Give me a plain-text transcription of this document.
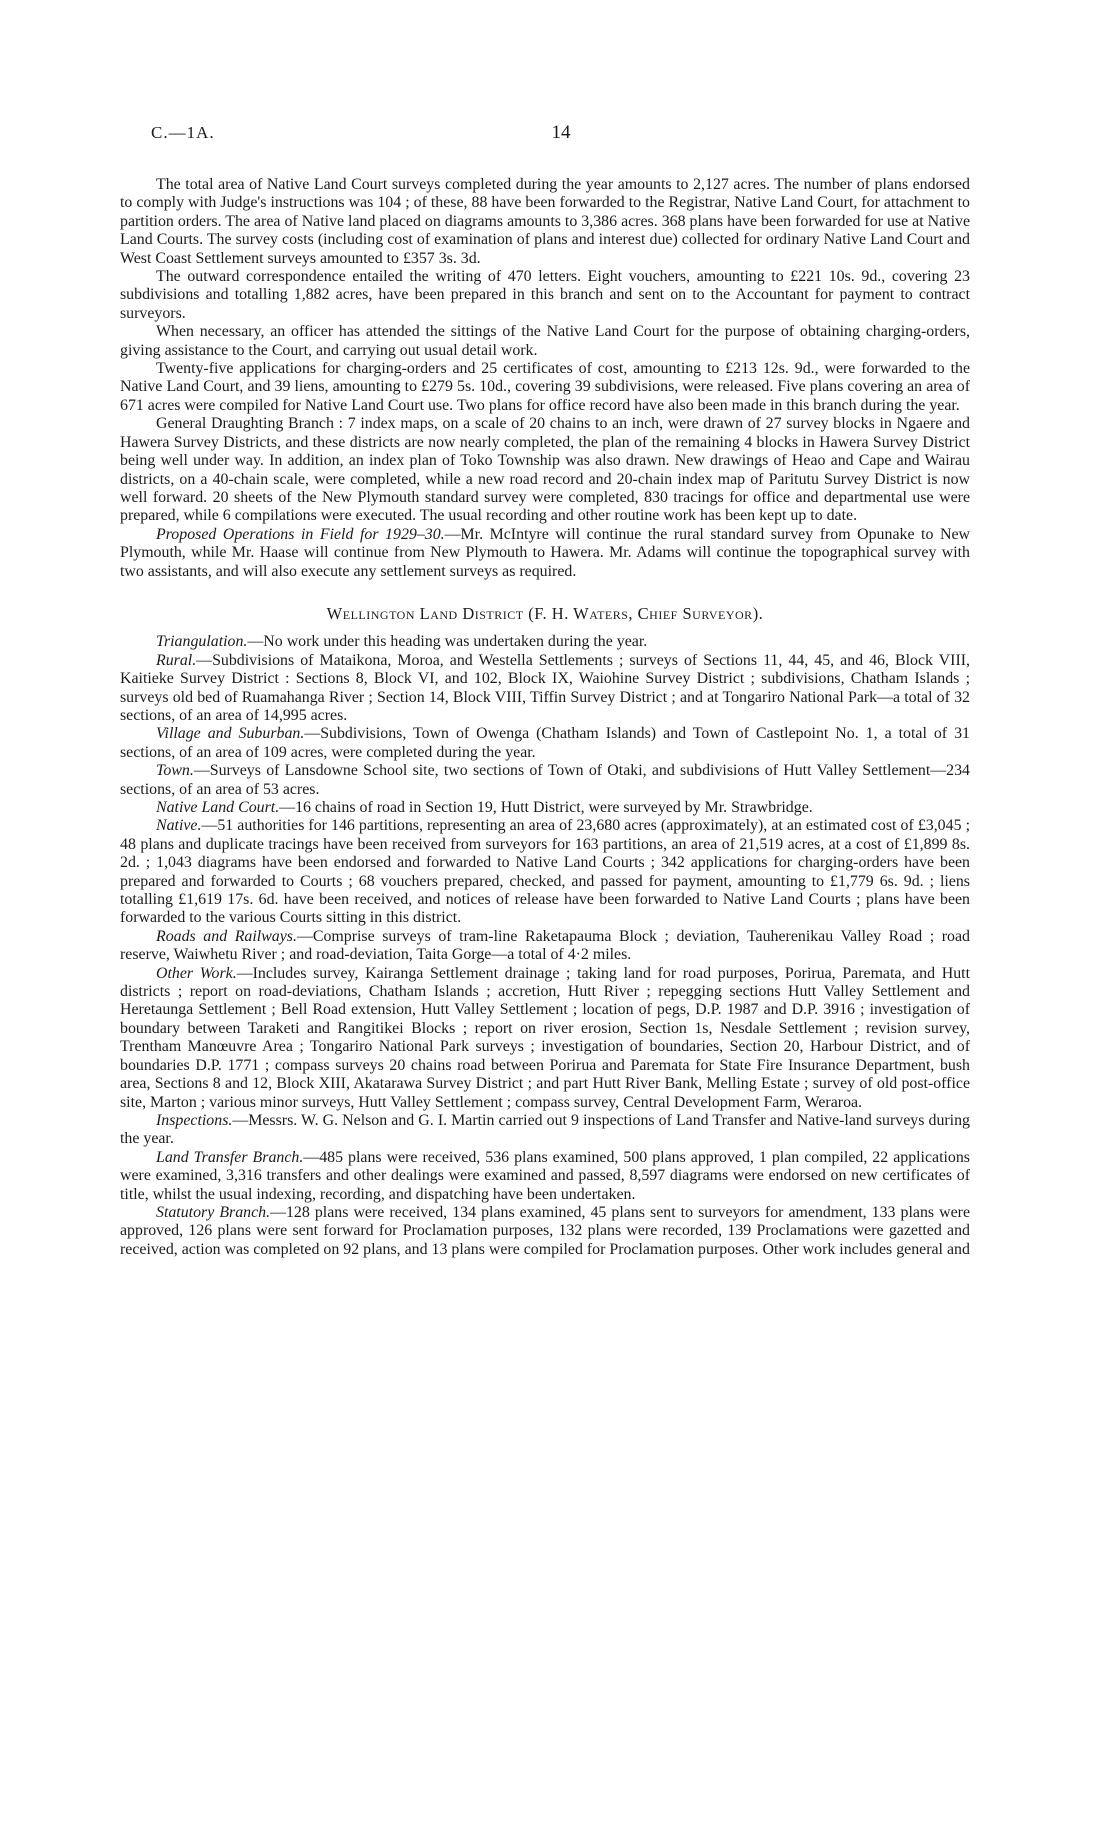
C.—1A.	14

The total area of Native Land Court surveys completed during the year amounts to 2,127 acres. The number of plans endorsed to comply with Judge's instructions was 104 ; of these, 88 have been forwarded to the Registrar, Native Land Court, for attachment to partition orders. The area of Native land placed on diagrams amounts to 3,386 acres. 368 plans have been forwarded for use at Native Land Courts. The survey costs (including cost of examination of plans and interest due) collected for ordinary Native Land Court and West Coast Settlement surveys amounted to £357 3s. 3d.

The outward correspondence entailed the writing of 470 letters. Eight vouchers, amounting to £221 10s. 9d., covering 23 subdivisions and totalling 1,882 acres, have been prepared in this branch and sent on to the Accountant for payment to contract surveyors.

When necessary, an officer has attended the sittings of the Native Land Court for the purpose of obtaining charging-orders, giving assistance to the Court, and carrying out usual detail work.

Twenty-five applications for charging-orders and 25 certificates of cost, amounting to £213 12s. 9d., were forwarded to the Native Land Court, and 39 liens, amounting to £279 5s. 10d., covering 39 subdivisions, were released. Five plans covering an area of 671 acres were compiled for Native Land Court use. Two plans for office record have also been made in this branch during the year.

General Draughting Branch : 7 index maps, on a scale of 20 chains to an inch, were drawn of 27 survey blocks in Ngaere and Hawera Survey Districts, and these districts are now nearly completed, the plan of the remaining 4 blocks in Hawera Survey District being well under way. In addition, an index plan of Toko Township was also drawn. New drawings of Heao and Cape and Wairau districts, on a 40-chain scale, were completed, while a new road record and 20-chain index map of Paritutu Survey District is now well forward. 20 sheets of the New Plymouth standard survey were completed, 830 tracings for office and departmental use were prepared, while 6 compilations were executed. The usual recording and other routine work has been kept up to date.

Proposed Operations in Field for 1929–30.—Mr. McIntyre will continue the rural standard survey from Opunake to New Plymouth, while Mr. Haase will continue from New Plymouth to Hawera. Mr. Adams will continue the topographical survey with two assistants, and will also execute any settlement surveys as required.

Wellington Land District (F. H. Waters, Chief Surveyor).

Triangulation.—No work under this heading was undertaken during the year.

Rural.—Subdivisions of Mataikona, Moroa, and Westella Settlements ; surveys of Sections 11, 44, 45, and 46, Block VIII, Kaitieke Survey District : Sections 8, Block VI, and 102, Block IX, Waiohine Survey District ; subdivisions, Chatham Islands ; surveys old bed of Ruamahanga River ; Section 14, Block VIII, Tiffin Survey District ; and at Tongariro National Park—a total of 32 sections, of an area of 14,995 acres.

Village and Suburban.—Subdivisions, Town of Owenga (Chatham Islands) and Town of Castlepoint No. 1, a total of 31 sections, of an area of 109 acres, were completed during the year.

Town.—Surveys of Lansdowne School site, two sections of Town of Otaki, and subdivisions of Hutt Valley Settlement—234 sections, of an area of 53 acres.

Native Land Court.—16 chains of road in Section 19, Hutt District, were surveyed by Mr. Strawbridge.

Native.—51 authorities for 146 partitions, representing an area of 23,680 acres (approximately), at an estimated cost of £3,045 ; 48 plans and duplicate tracings have been received from surveyors for 163 partitions, an area of 21,519 acres, at a cost of £1,899 8s. 2d. ; 1,043 diagrams have been endorsed and forwarded to Native Land Courts ; 342 applications for charging-orders have been prepared and forwarded to Courts ; 68 vouchers prepared, checked, and passed for payment, amounting to £1,779 6s. 9d. ; liens totalling £1,619 17s. 6d. have been received, and notices of release have been forwarded to Native Land Courts ; plans have been forwarded to the various Courts sitting in this district.

Roads and Railways.—Comprise surveys of tram-line Raketapauma Block ; deviation, Tauherenikau Valley Road ; road reserve, Waiwhetu River ; and road-deviation, Taita Gorge—a total of 4·2 miles.

Other Work.—Includes survey, Kairanga Settlement drainage ; taking land for road purposes, Porirua, Paremata, and Hutt districts ; report on road-deviations, Chatham Islands ; accretion, Hutt River ; repegging sections Hutt Valley Settlement and Heretaunga Settlement ; Bell Road extension, Hutt Valley Settlement ; location of pegs, D.P. 1987 and D.P. 3916 ; investigation of boundary between Taraketi and Rangitikei Blocks ; report on river erosion, Section 1s, Nesdale Settlement ; revision survey, Trentham Manœuvre Area ; Tongariro National Park surveys ; investigation of boundaries, Section 20, Harbour District, and of boundaries D.P. 1771 ; compass surveys 20 chains road between Porirua and Paremata for State Fire Insurance Department, bush area, Sections 8 and 12, Block XIII, Akatarawa Survey District ; and part Hutt River Bank, Melling Estate ; survey of old post-office site, Marton ; various minor surveys, Hutt Valley Settlement ; compass survey, Central Development Farm, Weraroa.

Inspections.—Messrs. W. G. Nelson and G. I. Martin carried out 9 inspections of Land Transfer and Native-land surveys during the year.

Land Transfer Branch.—485 plans were received, 536 plans examined, 500 plans approved, 1 plan compiled, 22 applications were examined, 3,316 transfers and other dealings were examined and passed, 8,597 diagrams were endorsed on new certificates of title, whilst the usual indexing, recording, and dispatching have been undertaken.

Statutory Branch.—128 plans were received, 134 plans examined, 45 plans sent to surveyors for amendment, 133 plans were approved, 126 plans were sent forward for Proclamation purposes, 132 plans were recorded, 139 Proclamations were gazetted and received, action was completed on 92 plans, and 13 plans were compiled for Proclamation purposes. Other work includes general and
